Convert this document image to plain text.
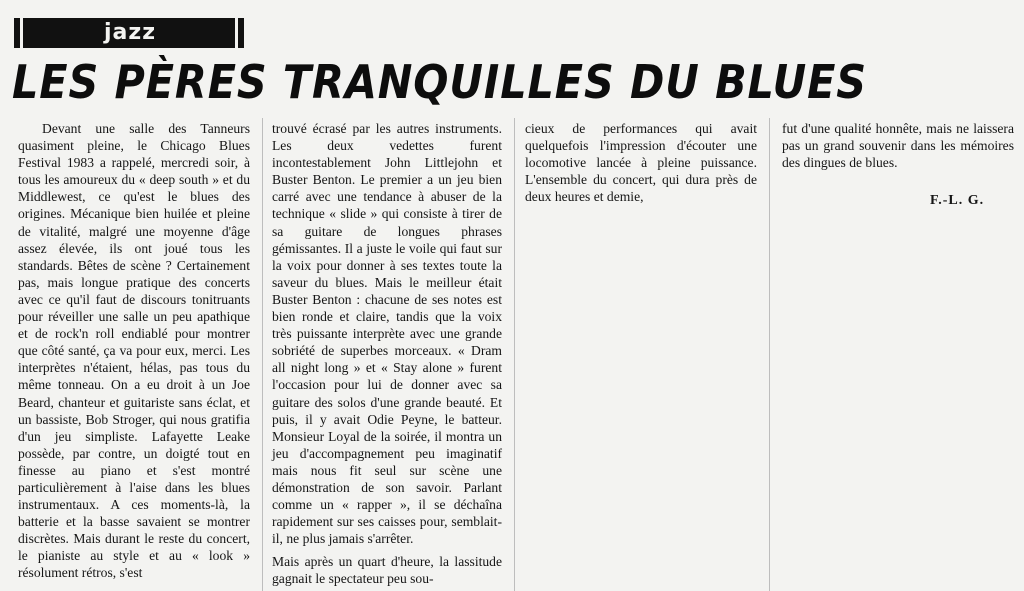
jazz
LES PÈRES TRANQUILLES DU BLUES

Devant une salle des Tanneurs quasiment pleine, le Chicago Blues Festival 1983 a rappelé, mercredi soir, à tous les amoureux du « deep south » et du Middlewest, ce qu'est le blues des origines. Mécanique bien huilée et pleine de vitalité, malgré une moyenne d'âge assez élevée, ils ont joué tous les standards. Bêtes de scène ? Certainement pas, mais longue pratique des concerts avec ce qu'il faut de discours tonitruants pour réveiller une salle un peu apathique et de rock'n roll endiablé pour montrer que côté santé, ça va pour eux, merci. Les interprètes n'étaient, hélas, pas tous du même tonneau. On a eu droit à un Joe Beard, chanteur et guitariste sans éclat, et un bassiste, Bob Stroger, qui nous gratifia d'un jeu simpliste. Lafayette Leake possède, par contre, un doigté tout en finesse au piano et s'est montré particulièrement à l'aise dans les blues instrumentaux. A ces moments-là, la batterie et la basse savaient se montrer discrètes. Mais durant le reste du concert, le pianiste au style et au « look » résolument rétros, s'est

trouvé écrasé par les autres instruments. Les deux vedettes furent incontestablement John Littlejohn et Buster Benton. Le premier a un jeu bien carré avec une tendance à abuser de la technique « slide » qui consiste à tirer de sa guitare de longues phrases gémissantes. Il a juste le voile qui faut sur la voix pour donner à ses textes toute la saveur du blues. Mais le meilleur était Buster Benton : chacune de ses notes est bien ronde et claire, tandis que la voix très puissante interprète avec une grande sobriété de superbes morceaux. « Dram all night long » et « Stay alone » furent l'occasion pour lui de donner avec sa guitare des solos d'une grande beauté. Et puis, il y avait Odie Peyne, le batteur. Monsieur Loyal de la soirée, il montra un jeu d'accompagnement peu imaginatif mais nous fit seul sur scène une démonstration de son savoir. Parlant comme un « rapper », il se déchaîna rapidement sur ses caisses pour, semblait-il, ne plus jamais s'arrêter.

Mais après un quart d'heure, la lassitude gagnait le spectateur peu sou-

cieux de performances qui avait quelquefois l'impression d'écouter une locomotive lancée à pleine puissance. L'ensemble du concert, qui dura près de deux heures et demie,

fut d'une qualité honnête, mais ne laissera pas un grand souvenir dans les mémoires des dingues de blues.

F.-L. G.
